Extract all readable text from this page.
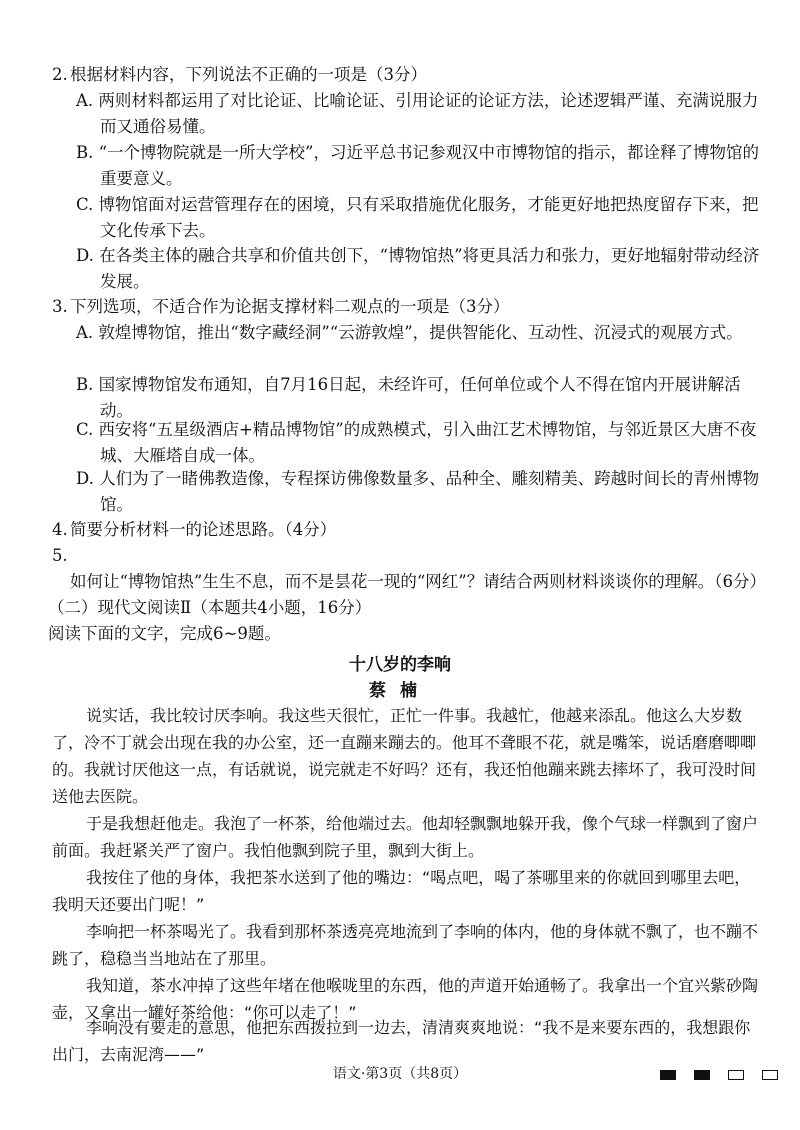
2. 根据材料内容，下列说法不正确的一项是（3分）

A. 两则材料都运用了对比论证、比喻论证、引用论证的论证方法，论述逻辑严谨、充满说服力而又通俗易懂。

B. “一个博物院就是一所大学校”，习近平总书记参观汉中市博物馆的指示，都诠释了博物馆的重要意义。

C. 博物馆面对运营管理存在的困境，只有采取措施优化服务，才能更好地把热度留存下来，把文化传承下去。

D. 在各类主体的融合共享和价值共创下，“博物馆热”将更具活力和张力，更好地辐射带动经济发展。

3. 下列选项，不适合作为论据支撑材料二观点的一项是（3分）

A. 敦煌博物馆，推出“数字藏经洞”“云游敦煌”，提供智能化、互动性、沉浸式的观展方式。

B. 国家博物馆发布通知，自7月16日起，未经许可，任何单位或个人不得在馆内开展讲解活动。

C. 西安将“五星级酒店+精品博物馆”的成熟模式，引入曲江艺术博物馆，与邻近景区大唐不夜城、大雁塔自成一体。

D. 人们为了一睹佛教造像，专程探访佛像数量多、品种全、雕刻精美、跨越时间长的青州博物馆。

4. 简要分析材料一的论述思路。（4分）

5. 如何让“博物馆热”生生不息，而不是昙花一现的“网红”？请结合两则材料谈谈你的理解。（6分）

（二）现代文阅读Ⅱ（本题共4小题，16分）
阅读下面的文字，完成6~9题。
十八岁的李响
蔡楠

说实话，我比较讨厌李响。我这些天很忙，正忙一件事。我越忙，他越来添乱。他这么大岁数了，冷不丁就会出现在我的办公室，还一直蹦来蹦去的。他耳不聋眼不花，就是嘴笨，说话磨磨唧唧的。我就讨厌他这一点，有话就说，说完就走不好吗？还有，我还怕他蹦来跳去摔坏了，我可没时间送他去医院。

于是我想赶他走。我泡了一杯茶，给他端过去。他却轻飘飘地躲开我，像个气球一样飘到了窗户前面。我赶紧关严了窗户。我怕他飘到院子里，飘到大街上。

我按住了他的身体，我把茶水送到了他的嘴边：“喝点吧，喝了茶哪里来的你就回到哪里去吧，我明天还要出门呢！”

李响把一杯茶喝光了。我看到那杯茶透亮亮地流到了李响的体内，他的身体就不飘了，也不蹦不跳了，稳稳当当地站在了那里。

我知道，茶水冲掉了这些年堵在他喉咙里的东西，他的声道开始通畅了。我拿出一个宜兴紫砂陶壶，又拿出一罐好茶给他：“你可以走了！”

李响没有要走的意思，他把东西拨拉到一边去，清清爽爽地说：“我不是来要东西的，我想跟你出门，去南泥湾——”

语文·第3页（共8页）
